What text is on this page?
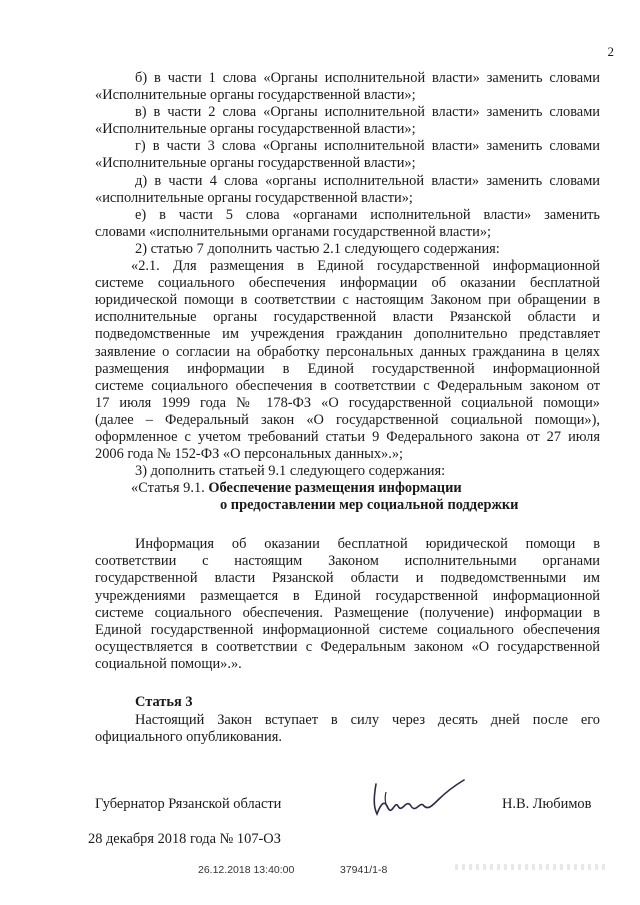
2
б) в части 1 слова «Органы исполнительной власти» заменить словами
«Исполнительные органы государственной власти»;
в) в части 2 слова «Органы исполнительной власти» заменить словами
«Исполнительные органы государственной власти»;
г) в части 3 слова «Органы исполнительной власти» заменить словами
«Исполнительные органы государственной власти»;
д) в части 4 слова «органы исполнительной власти» заменить словами
«исполнительные органы государственной власти»;
е) в части 5 слова «органами исполнительной власти» заменить
словами «исполнительными органами государственной власти»;
2) статью 7 дополнить частью 2.1 следующего содержания:
«2.1. Для размещения в Единой государственной информационной
системе социального обеспечения информации об оказании бесплатной
юридической помощи в соответствии с настоящим Законом при обращении в
исполнительные органы государственной власти Рязанской области и
подведомственные им учреждения гражданин дополнительно представляет
заявление о согласии на обработку персональных данных гражданина в целях
размещения информации в Единой государственной информационной
системе социального обеспечения в соответствии с Федеральным законом от
17 июля 1999 года № 178-ФЗ «О государственной социальной помощи»
(далее – Федеральный закон «О государственной социальной помощи»),
оформленное с учетом требований статьи 9 Федерального закона от 27 июля
2006 года № 152-ФЗ «О персональных данных».»;
3) дополнить статьей 9.1 следующего содержания:
«Статья 9.1. Обеспечение размещения информации
о предоставлении мер социальной поддержки
Информация об оказании бесплатной юридической помощи в
соответствии с настоящим Законом исполнительными органами
государственной власти Рязанской области и подведомственными им
учреждениями размещается в Единой государственной информационной
системе социального обеспечения. Размещение (получение) информации в
Единой государственной информационной системе социального обеспечения
осуществляется в соответствии с Федеральным законом «О государственной
социальной помощи».».
Статья 3
Настоящий Закон вступает в силу через десять дней после его
официального опубликования.
Губернатор Рязанской области	Н.В. Любимов
28 декабря 2018 года № 107-ОЗ
26.12.2018 13:40:00	37941/1-8
